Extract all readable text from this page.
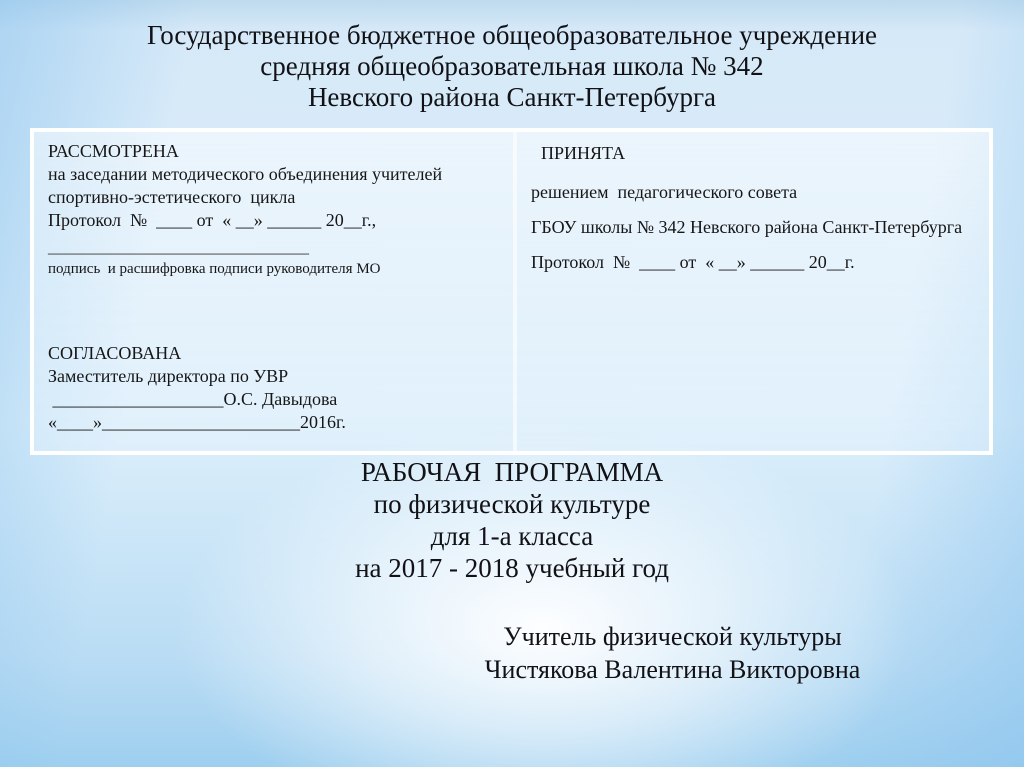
Государственное бюджетное общеобразовательное учреждение
средняя общеобразовательная школа № 342
Невского района Санкт-Петербурга
РАССМОТРЕНА
на заседании методического объединения учителей
спортивно-эстетического  цикла
Протокол  №  ____ от  « __» ______ 20__г.,
_____________________________
подпись  и расшифровка подписи руководителя МО
СОГЛАСОВАНА
Заместитель директора по УВР
___________________О.С. Давыдова
«____»______________________2016г.
ПРИНЯТА
решением  педагогического совета
ГБОУ школы № 342 Невского района Санкт-Петербурга
Протокол  №  ____ от  « __» ______ 20__г.
РАБОЧАЯ  ПРОГРАММА
по физической культуре
для 1-а класса
на 2017 - 2018 учебный год
Учитель физической культуры
Чистякова Валентина Викторовна
